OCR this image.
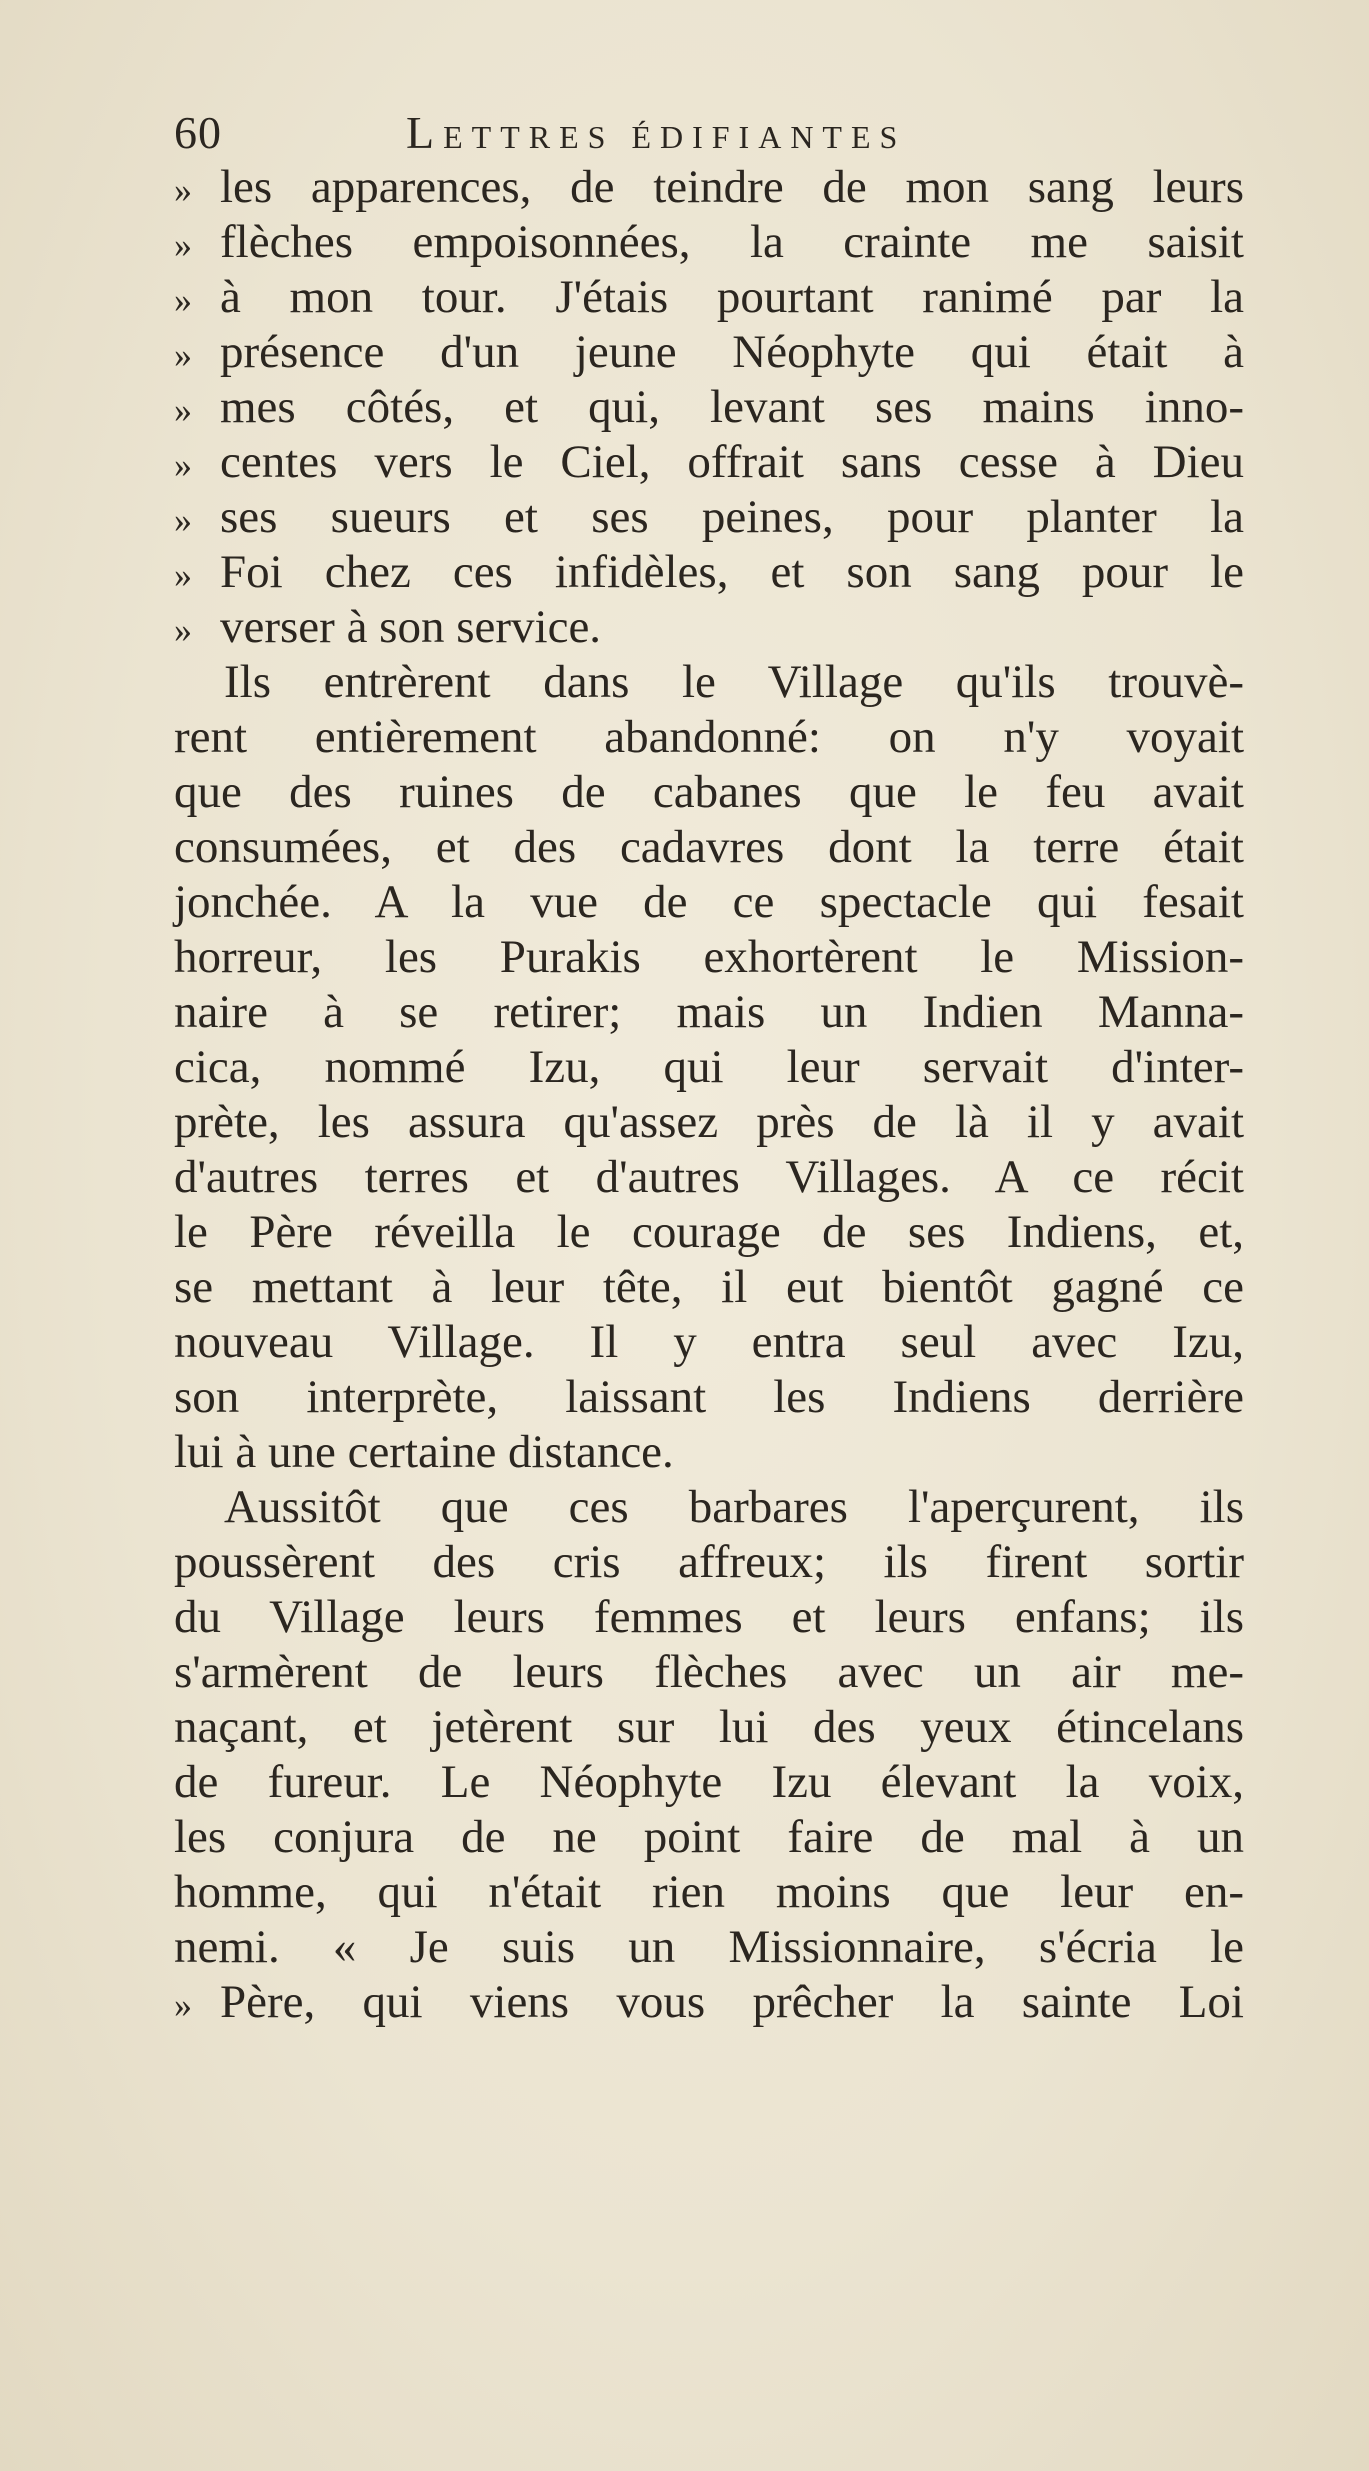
60	LETTRES ÉDIFIANTES
» les apparences, de teindre de mon sang leurs
» flèches empoisonnées, la crainte me saisit
» à mon tour. J'étais pourtant ranimé par la
» présence d'un jeune Néophyte qui était à
» mes côtés, et qui, levant ses mains inno-
» centes vers le Ciel, offrait sans cesse à Dieu
» ses sueurs et ses peines, pour planter la
» Foi chez ces infidèles, et son sang pour le
» verser à son service.
Ils entrèrent dans le Village qu'ils trouvè-
rent entièrement abandonné: on n'y voyait
que des ruines de cabanes que le feu avait
consumées, et des cadavres dont la terre était
jonchée. A la vue de ce spectacle qui fesait
horreur, les Purakis exhortèrent le Mission-
naire à se retirer; mais un Indien Manna-
cica, nommé Izu, qui leur servait d'inter-
prète, les assura qu'assez près de là il y avait
d'autres terres et d'autres Villages. A ce récit
le Père réveilla le courage de ses Indiens, et,
se mettant à leur tête, il eut bientôt gagné ce
nouveau Village. Il y entra seul avec Izu,
son interprète, laissant les Indiens derrière
lui à une certaine distance.
Aussitôt que ces barbares l'aperçurent, ils
poussèrent des cris affreux; ils firent sortir
du Village leurs femmes et leurs enfans; ils
s'armèrent de leurs flèches avec un air me-
naçant, et jetèrent sur lui des yeux étincelans
de fureur. Le Néophyte Izu élevant la voix,
les conjura de ne point faire de mal à un
homme, qui n'était rien moins que leur en-
nemi. « Je suis un Missionnaire, s'écria le
» Père, qui viens vous prêcher la sainte Loi
